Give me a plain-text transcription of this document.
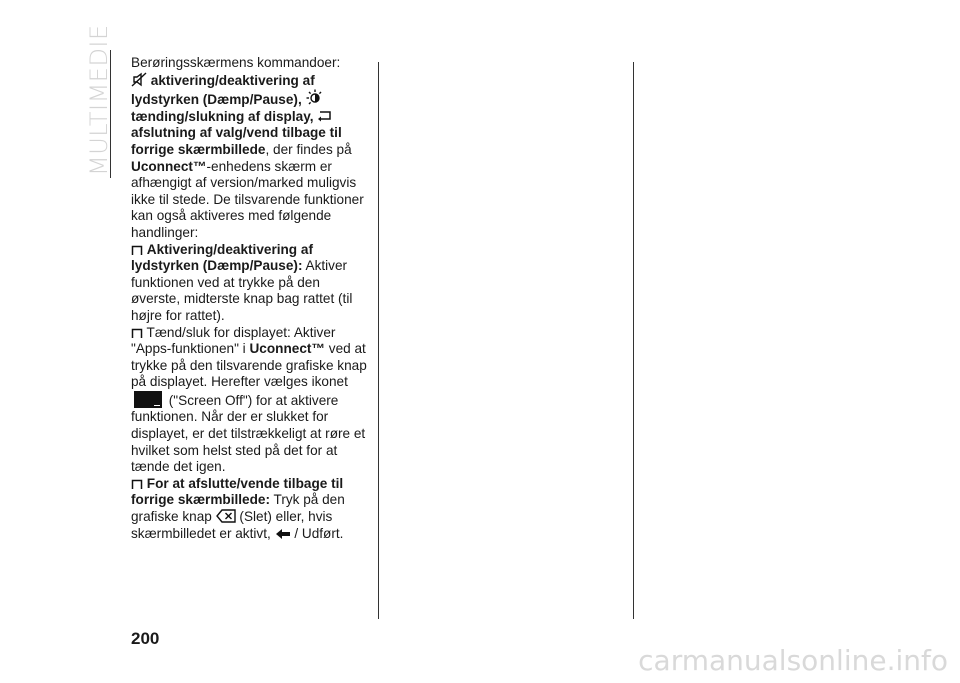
MULTIMEDIE Berøringsskærmens kommandoer:

aktivering/deaktivering af lydstyrken (Dæmp/Pause),
tænding/slukning af display,
afslutning af valg/vend tilbage til forrige skærmbillede, der findes på Uconnect™-enhedens skærm er afhængigt af version/marked muligvis ikke til stede. De tilsvarende funktioner kan også aktiveres med følgende handlinger:

Aktivering/deaktivering af lydstyrken (Dæmp/Pause): Aktiver funktionen ved at trykke på den øverste, midterste knap bag rattet (til højre for rattet).

Tænd/sluk for displayet: Aktiver "Apps-funktionen" i Uconnect™ ved at trykke på den tilsvarende grafiske knap på displayet. Herefter vælges ikonet  ("Screen Off") for at aktivere funktionen. Når der er slukket for displayet, er det tilstrækkeligt at røre et hvilket som helst sted på det for at tænde det igen.

For at afslutte/vende tilbage til forrige skærmbillede: Tryk på den grafiske knap
(Slet) eller, hvis skærmbilledet er aktivt,
/ Udført.

200
carmanualsonline.info
